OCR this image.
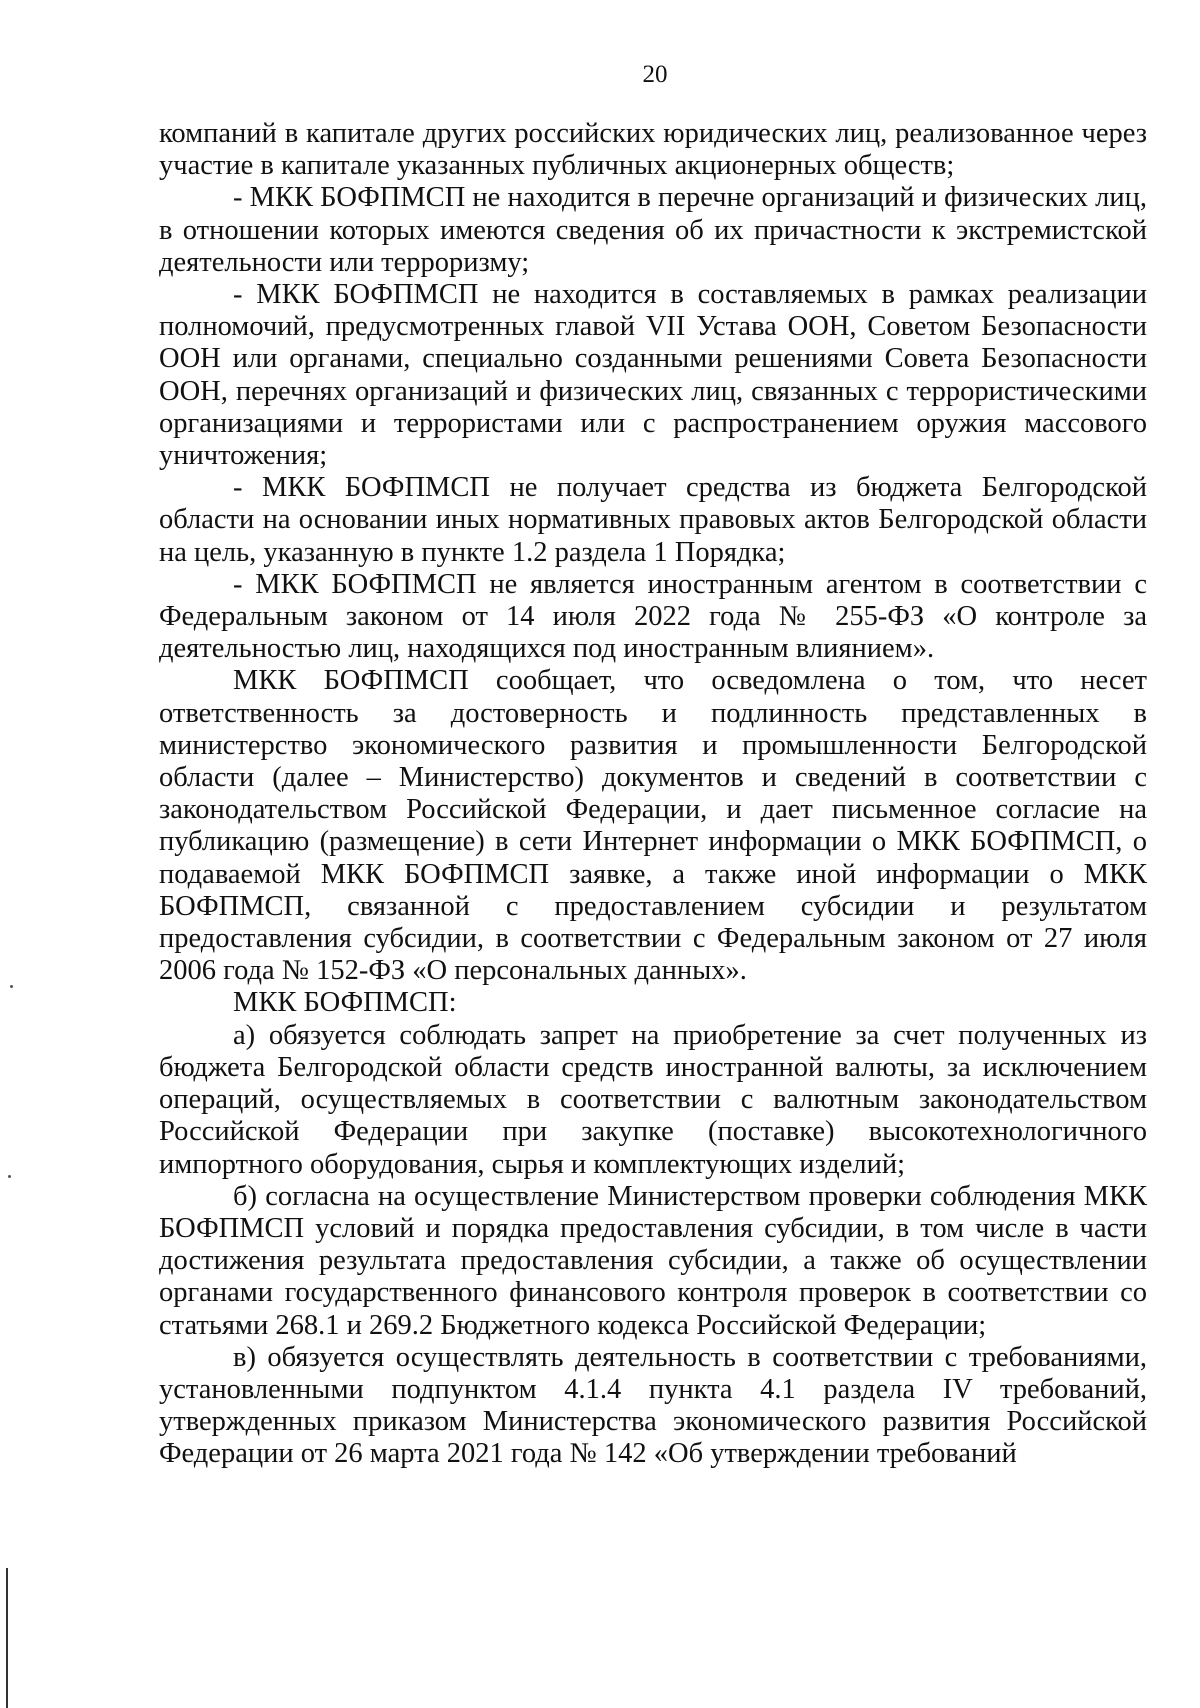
20

компаний в капитале других российских юридических лиц, реализованное через участие в капитале указанных публичных акционерных обществ;

- МКК БОФПМСП не находится в перечне организаций и физических лиц, в отношении которых имеются сведения об их причастности к экстремистской деятельности или терроризму;

- МКК БОФПМСП не находится в составляемых в рамках реализации полномочий, предусмотренных главой VII Устава ООН, Советом Безопасности ООН или органами, специально созданными решениями Совета Безопасности ООН, перечнях организаций и физических лиц, связанных с террористическими организациями и террористами или с распространением оружия массового уничтожения;

- МКК БОФПМСП не получает средства из бюджета Белгородской области на основании иных нормативных правовых актов Белгородской области на цель, указанную в пункте 1.2 раздела 1 Порядка;

- МКК БОФПМСП не является иностранным агентом в соответствии с Федеральным законом от 14 июля 2022 года № 255-ФЗ «О контроле за деятельностью лиц, находящихся под иностранным влиянием».

МКК БОФПМСП сообщает, что осведомлена о том, что несет ответственность за достоверность и подлинность представленных в министерство экономического развития и промышленности Белгородской области (далее – Министерство) документов и сведений в соответствии с законодательством Российской Федерации, и дает письменное согласие на публикацию (размещение) в сети Интернет информации о МКК БОФПМСП, о подаваемой МКК БОФПМСП заявке, а также иной информации о МКК БОФПМСП, связанной с предоставлением субсидии и результатом предоставления субсидии, в соответствии с Федеральным законом от 27 июля 2006 года № 152-ФЗ «О персональных данных».

МКК БОФПМСП:

а) обязуется соблюдать запрет на приобретение за счет полученных из бюджета Белгородской области средств иностранной валюты, за исключением операций, осуществляемых в соответствии с валютным законодательством Российской Федерации при закупке (поставке) высокотехнологичного импортного оборудования, сырья и комплектующих изделий;

б) согласна на осуществление Министерством проверки соблюдения МКК БОФПМСП условий и порядка предоставления субсидии, в том числе в части достижения результата предоставления субсидии, а также об осуществлении органами государственного финансового контроля проверок в соответствии со статьями 268.1 и 269.2 Бюджетного кодекса Российской Федерации;

в) обязуется осуществлять деятельность в соответствии с требованиями, установленными подпунктом 4.1.4 пункта 4.1 раздела IV требований, утвержденных приказом Министерства экономического развития Российской Федерации от 26 марта 2021 года № 142 «Об утверждении требований
